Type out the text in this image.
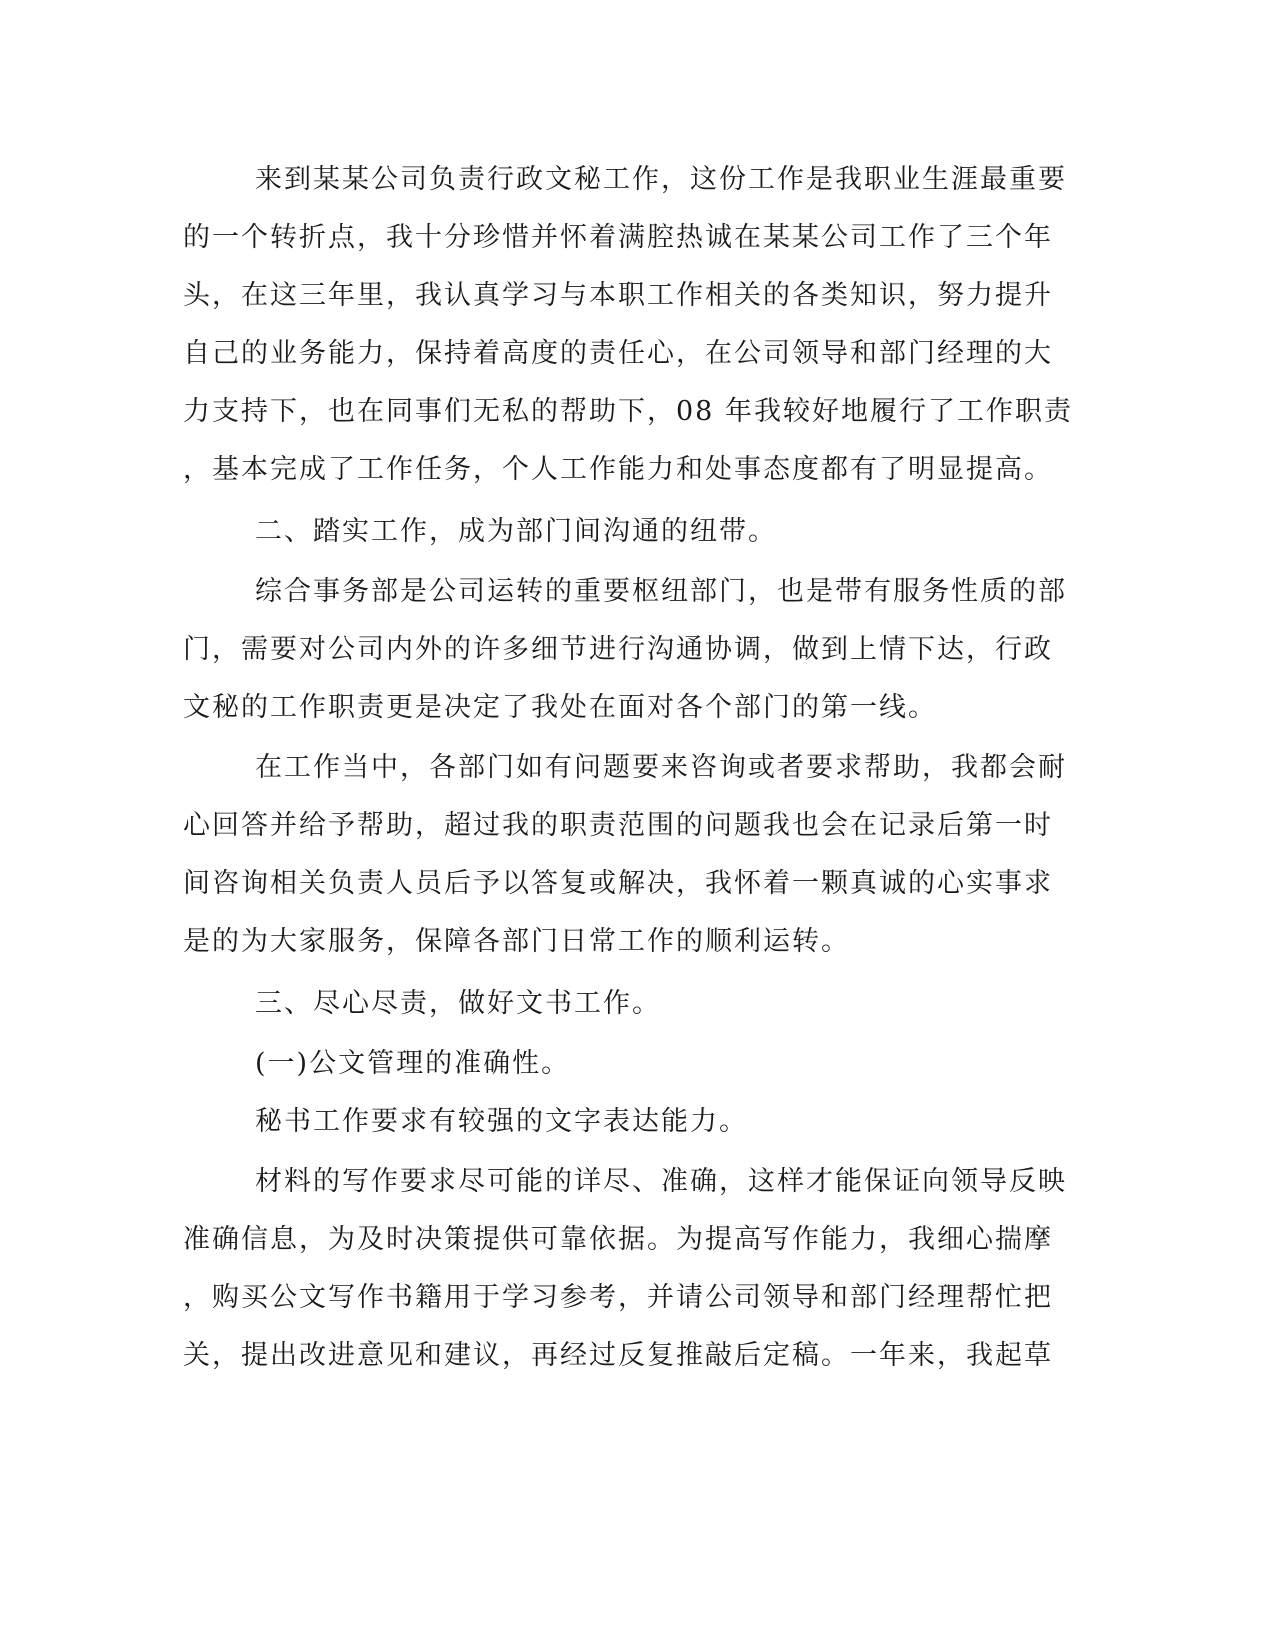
来到某某公司负责行政文秘工作，这份工作是我职业生涯最重要
的一个转折点，我十分珍惜并怀着满腔热诚在某某公司工作了三个年
头，在这三年里，我认真学习与本职工作相关的各类知识，努力提升
自己的业务能力，保持着高度的责任心，在公司领导和部门经理的大
力支持下，也在同事们无私的帮助下，08 年我较好地履行了工作职责
，基本完成了工作任务，个人工作能力和处事态度都有了明显提高。
二、踏实工作，成为部门间沟通的纽带。
综合事务部是公司运转的重要枢纽部门，也是带有服务性质的部
门，需要对公司内外的许多细节进行沟通协调，做到上情下达，行政
文秘的工作职责更是决定了我处在面对各个部门的第一线。
在工作当中，各部门如有问题要来咨询或者要求帮助，我都会耐
心回答并给予帮助，超过我的职责范围的问题我也会在记录后第一时
间咨询相关负责人员后予以答复或解决，我怀着一颗真诚的心实事求
是的为大家服务，保障各部门日常工作的顺利运转。
三、尽心尽责，做好文书工作。
(一)公文管理的准确性。
秘书工作要求有较强的文字表达能力。
材料的写作要求尽可能的详尽、准确，这样才能保证向领导反映
准确信息，为及时决策提供可靠依据。为提高写作能力，我细心揣摩
，购买公文写作书籍用于学习参考，并请公司领导和部门经理帮忙把
关，提出改进意见和建议，再经过反复推敲后定稿。一年来，我起草
